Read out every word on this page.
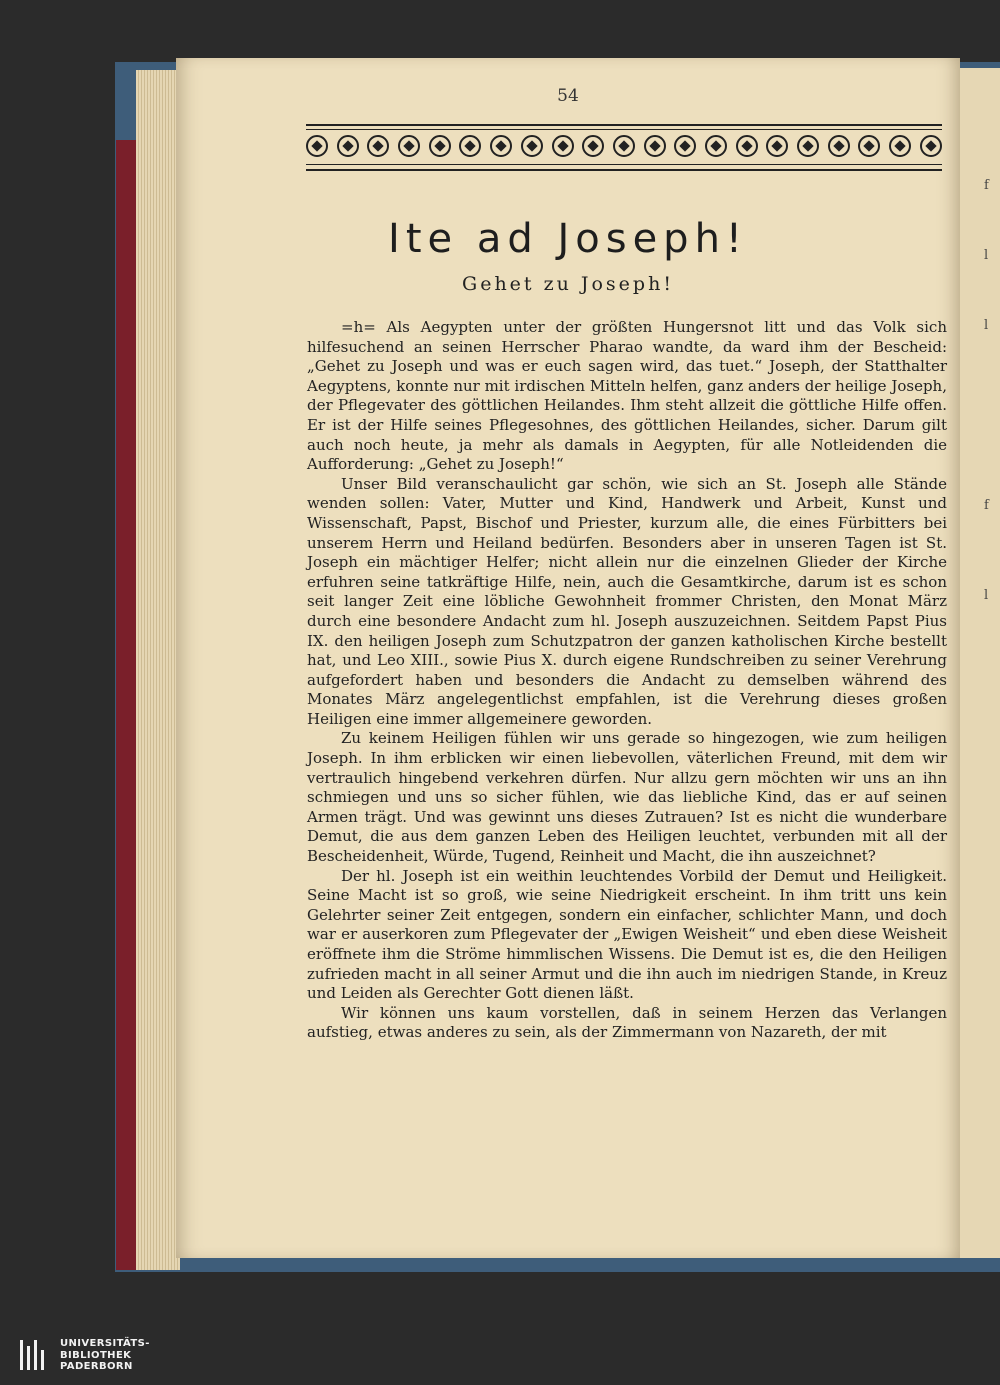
f
l
l
f
l
54
Ite ad Joseph!
Gehet zu Joseph!

=h= Als Aegypten unter der größten Hungersnot litt und das Volk sich hilfesuchend an seinen Herrscher Pharao wandte, da ward ihm der Bescheid: „Gehet zu Joseph und was er euch sagen wird, das tuet.“ Joseph, der Statthalter Aegyptens, konnte nur mit irdischen Mitteln helfen, ganz anders der heilige Joseph, der Pflegevater des göttlichen Heilandes. Ihm steht allzeit die göttliche Hilfe offen. Er ist der Hilfe seines Pflegesohnes, des göttlichen Heilandes, sicher. Darum gilt auch noch heute, ja mehr als damals in Aegypten, für alle Notleidenden die Aufforderung: „Gehet zu Joseph!“

Unser Bild veranschaulicht gar schön, wie sich an St. Joseph alle Stände wenden sollen: Vater, Mutter und Kind, Handwerk und Arbeit, Kunst und Wissenschaft, Papst, Bischof und Priester, kurzum alle, die eines Fürbitters bei unserem Herrn und Heiland bedürfen. Besonders aber in unseren Tagen ist St. Joseph ein mächtiger Helfer; nicht allein nur die einzelnen Glieder der Kirche erfuhren seine tatkräftige Hilfe, nein, auch die Gesamtkirche, darum ist es schon seit langer Zeit eine löbliche Gewohnheit frommer Christen, den Monat März durch eine besondere Andacht zum hl. Joseph auszuzeichnen. Seitdem Papst Pius IX. den heiligen Joseph zum Schutzpatron der ganzen katholischen Kirche bestellt hat, und Leo XIII., sowie Pius X. durch eigene Rundschreiben zu seiner Verehrung aufgefordert haben und besonders die Andacht zu demselben während des Monates März angelegentlichst empfahlen, ist die Verehrung dieses großen Heiligen eine immer allgemeinere geworden.

Zu keinem Heiligen fühlen wir uns gerade so hingezogen, wie zum heiligen Joseph. In ihm erblicken wir einen liebevollen, väterlichen Freund, mit dem wir vertraulich hingebend verkehren dürfen. Nur allzu gern möchten wir uns an ihn schmiegen und uns so sicher fühlen, wie das liebliche Kind, das er auf seinen Armen trägt. Und was gewinnt uns dieses Zutrauen? Ist es nicht die wunderbare Demut, die aus dem ganzen Leben des Heiligen leuchtet, verbunden mit all der Bescheidenheit, Würde, Tugend, Reinheit und Macht, die ihn auszeichnet?

Der hl. Joseph ist ein weithin leuchtendes Vorbild der Demut und Heiligkeit. Seine Macht ist so groß, wie seine Niedrigkeit erscheint. In ihm tritt uns kein Gelehrter seiner Zeit entgegen, sondern ein einfacher, schlichter Mann, und doch war er auserkoren zum Pflegevater der „Ewigen Weisheit“ und eben diese Weisheit eröffnete ihm die Ströme himmlischen Wissens. Die Demut ist es, die den Heiligen zufrieden macht in all seiner Armut und die ihn auch im niedrigen Stande, in Kreuz und Leiden als Gerechter Gott dienen läßt.

Wir können uns kaum vorstellen, daß in seinem Herzen das Verlangen aufstieg, etwas anderes zu sein, als der Zimmermann von Nazareth, der mit

UNIVERSITÄTS-
BIBLIOTHEK
PADERBORN
